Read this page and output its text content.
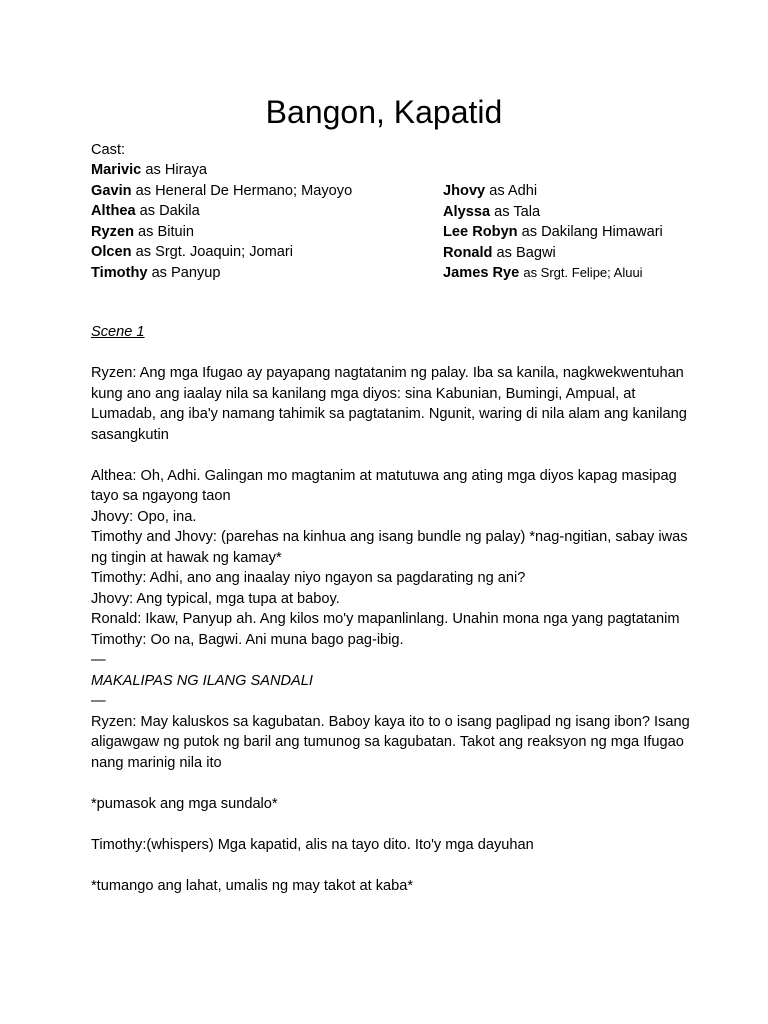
Bangon, Kapatid
Cast:
Marivic as Hiraya
Gavin as Heneral De Hermano; Mayoyo
Althea as Dakila
Ryzen as Bituin
Olcen as Srgt. Joaquin; Jomari
Timothy as Panyup
Jhovy as Adhi
Alyssa as Tala
Lee Robyn as Dakilang Himawari
Ronald as Bagwi
James Rye as Srgt. Felipe; Aluui

Scene 1

Ryzen: Ang mga Ifugao ay payapang nagtatanim ng palay. Iba sa kanila, nagkwekwentuhan kung ano ang iaalay nila sa kanilang mga diyos: sina Kabunian, Bumingi, Ampual, at Lumadab, ang iba'y namang tahimik sa pagtatanim. Ngunit, waring di nila alam ang kanilang sasangkutin

Althea: Oh, Adhi. Galingan mo magtanim at matutuwa ang ating mga diyos kapag masipag tayo sa ngayong taon

Jhovy: Opo, ina.

Timothy and Jhovy: (parehas na kinhua ang isang bundle ng palay) *nag-ngitian, sabay iwas ng tingin at hawak ng kamay*

Timothy: Adhi, ano ang inaalay niyo ngayon sa pagdarating ng ani?

Jhovy: Ang typical, mga tupa at baboy.

Ronald: Ikaw, Panyup ah. Ang kilos mo'y mapanlinlang. Unahin mona nga yang pagtatanim

Timothy: Oo na, Bagwi. Ani muna bago pag-ibig.

—

MAKALIPAS NG ILANG SANDALI

—

Ryzen: May kaluskos sa kagubatan. Baboy kaya ito to o isang paglipad ng isang ibon? Isang aligawgaw ng putok ng baril ang tumunog sa kagubatan. Takot ang reaksyon ng mga Ifugao nang marinig nila ito

*pumasok ang mga sundalo*

Timothy:(whispers) Mga kapatid, alis na tayo dito. Ito'y mga dayuhan

*tumango ang lahat, umalis ng may takot at kaba*
